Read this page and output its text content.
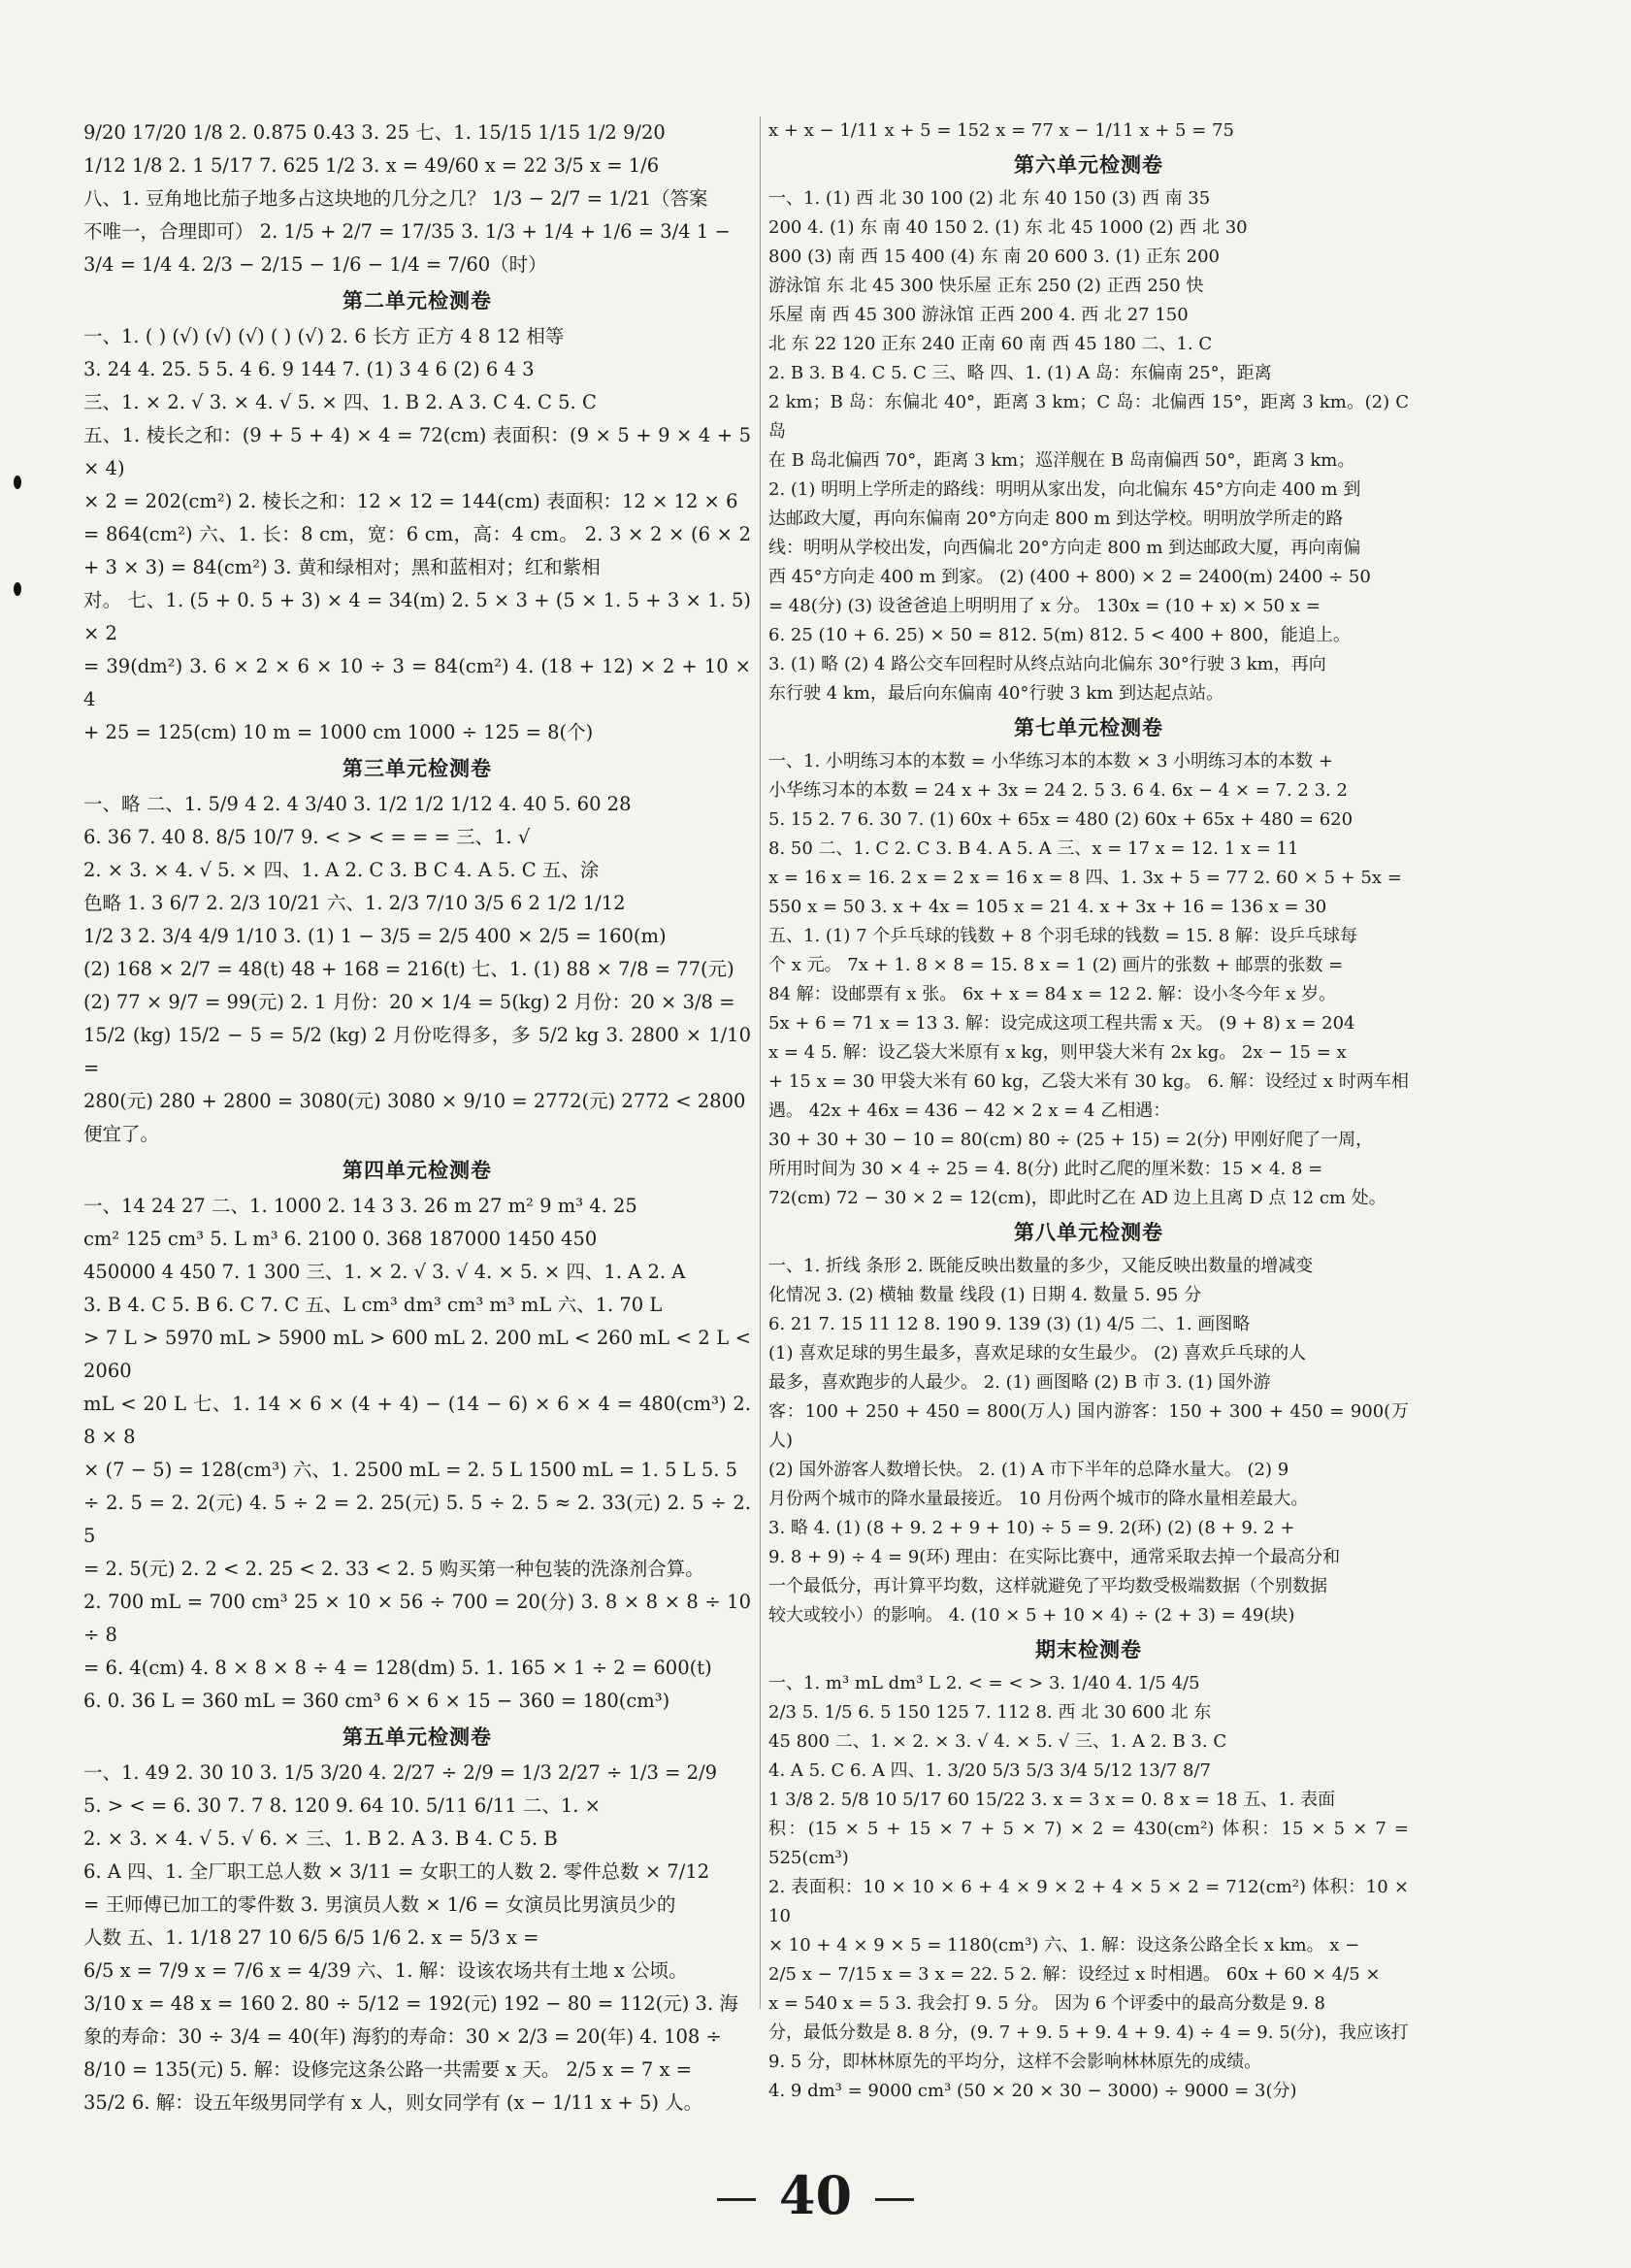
9/20 17/20 1/8 2. 0.875 0.43 3. 25 七、1. 15/15 1/15 1/2 9/20

1/12 1/8 2. 1 5/17 7. 625 1/2 3. x = 49/60 x = 22 3/5 x = 1/6

八、1. 豆角地比茄子地多占这块地的几分之几？ 1/3 − 2/7 = 1/21（答案

不唯一，合理即可） 2. 1/5 + 2/7 = 17/35 3. 1/3 + 1/4 + 1/6 = 3/4 1 −

3/4 = 1/4 4. 2/3 − 2/15 − 1/6 − 1/4 = 7/60（时）

第二单元检测卷

一、1. ( ) (√) (√) (√) ( ) (√) 2. 6 长方 正方 4 8 12 相等

3. 24 4. 25. 5 5. 4 6. 9 144 7. (1) 3 4 6 (2) 6 4 3

三、1. × 2. √ 3. × 4. √ 5. × 四、1. B 2. A 3. C 4. C 5. C

五、1. 棱长之和：(9 + 5 + 4) × 4 = 72(cm) 表面积：(9 × 5 + 9 × 4 + 5 × 4)

× 2 = 202(cm²) 2. 棱长之和：12 × 12 = 144(cm) 表面积：12 × 12 × 6

= 864(cm²) 六、1. 长：8 cm，宽：6 cm，高：4 cm。 2. 3 × 2 × (6 × 2 + 3 × 3) = 84(cm²) 3. 黄和绿相对；黑和蓝相对；红和紫相

对。 七、1. (5 + 0. 5 + 3) × 4 = 34(m) 2. 5 × 3 + (5 × 1. 5 + 3 × 1. 5) × 2

= 39(dm²) 3. 6 × 2 × 6 × 10 ÷ 3 = 84(cm²) 4. (18 + 12) × 2 + 10 × 4

+ 25 = 125(cm) 10 m = 1000 cm 1000 ÷ 125 = 8(个)

第三单元检测卷

一、略 二、1. 5/9 4 2. 4 3/40 3. 1/2 1/2 1/12 4. 40 5. 60 28

6. 36 7. 40 8. 8/5 10/7 9. < > < = = = 三、1. √

2. × 3. × 4. √ 5. × 四、1. A 2. C 3. B C 4. A 5. C 五、涂

色略 1. 3 6/7 2. 2/3 10/21 六、1. 2/3 7/10 3/5 6 2 1/2 1/12

1/2 3 2. 3/4 4/9 1/10 3. (1) 1 − 3/5 = 2/5 400 × 2/5 = 160(m)

(2) 168 × 2/7 = 48(t) 48 + 168 = 216(t) 七、1. (1) 88 × 7/8 = 77(元)

(2) 77 × 9/7 = 99(元) 2. 1 月份：20 × 1/4 = 5(kg) 2 月份：20 × 3/8 =

15/2 (kg) 15/2 − 5 = 5/2 (kg) 2 月份吃得多，多 5/2 kg 3. 2800 × 1/10 =

280(元) 280 + 2800 = 3080(元) 3080 × 9/10 = 2772(元) 2772 < 2800

便宜了。

第四单元检测卷

一、14 24 27 二、1. 1000 2. 14 3 3. 26 m 27 m² 9 m³ 4. 25

cm² 125 cm³ 5. L m³ 6. 2100 0. 368 187000 1450 450

450000 4 450 7. 1 300 三、1. × 2. √ 3. √ 4. × 5. × 四、1. A 2. A

3. B 4. C 5. B 6. C 7. C 五、L cm³ dm³ cm³ m³ mL 六、1. 70 L

> 7 L > 5970 mL > 5900 mL > 600 mL 2. 200 mL < 260 mL < 2 L < 2060

mL < 20 L 七、1. 14 × 6 × (4 + 4) − (14 − 6) × 6 × 4 = 480(cm³) 2. 8 × 8

× (7 − 5) = 128(cm³) 六、1. 2500 mL = 2. 5 L 1500 mL = 1. 5 L 5. 5

÷ 2. 5 = 2. 2(元) 4. 5 ÷ 2 = 2. 25(元) 5. 5 ÷ 2. 5 ≈ 2. 33(元) 2. 5 ÷ 2. 5

= 2. 5(元) 2. 2 < 2. 25 < 2. 33 < 2. 5 购买第一种包装的洗涤剂合算。

2. 700 mL = 700 cm³ 25 × 10 × 56 ÷ 700 = 20(分) 3. 8 × 8 × 8 ÷ 10 ÷ 8

= 6. 4(cm) 4. 8 × 8 × 8 ÷ 4 = 128(dm) 5. 1. 165 × 1 ÷ 2 = 600(t)

6. 0. 36 L = 360 mL = 360 cm³ 6 × 6 × 15 − 360 = 180(cm³)

第五单元检测卷

一、1. 49 2. 30 10 3. 1/5 3/20 4. 2/27 ÷ 2/9 = 1/3 2/27 ÷ 1/3 = 2/9

5. > < = 6. 30 7. 7 8. 120 9. 64 10. 5/11 6/11 二、1. ×

2. × 3. × 4. √ 5. √ 6. × 三、1. B 2. A 3. B 4. C 5. B

6. A 四、1. 全厂职工总人数 × 3/11 = 女职工的人数 2. 零件总数 × 7/12

= 王师傅已加工的零件数 3. 男演员人数 × 1/6 = 女演员比男演员少的

人数 五、1. 1/18 27 10 6/5 6/5 1/6 2. x = 5/3 x =

6/5 x = 7/9 x = 7/6 x = 4/39 六、1. 解：设该农场共有土地 x 公顷。

3/10 x = 48 x = 160 2. 80 ÷ 5/12 = 192(元) 192 − 80 = 112(元) 3. 海

象的寿命：30 ÷ 3/4 = 40(年) 海豹的寿命：30 × 2/3 = 20(年) 4. 108 ÷

8/10 = 135(元) 5. 解：设修完这条公路一共需要 x 天。 2/5 x = 7 x =

35/2 6. 解：设五年级男同学有 x 人，则女同学有 (x − 1/11 x + 5) 人。

x + x − 1/11 x + 5 = 152 x = 77 x − 1/11 x + 5 = 75

第六单元检测卷

一、1. (1) 西 北 30 100 (2) 北 东 40 150 (3) 西 南 35

200 4. (1) 东 南 40 150 2. (1) 东 北 45 1000 (2) 西 北 30

800 (3) 南 西 15 400 (4) 东 南 20 600 3. (1) 正东 200

游泳馆 东 北 45 300 快乐屋 正东 250 (2) 正西 250 快

乐屋 南 西 45 300 游泳馆 正西 200 4. 西 北 27 150

北 东 22 120 正东 240 正南 60 南 西 45 180 二、1. C

2. B 3. B 4. C 5. C 三、略 四、1. (1) A 岛：东偏南 25°，距离

2 km；B 岛：东偏北 40°，距离 3 km；C 岛：北偏西 15°，距离 3 km。(2) C 岛

在 B 岛北偏西 70°，距离 3 km；巡洋舰在 B 岛南偏西 50°，距离 3 km。

2. (1) 明明上学所走的路线：明明从家出发，向北偏东 45°方向走 400 m 到

达邮政大厦，再向东偏南 20°方向走 800 m 到达学校。明明放学所走的路

线：明明从学校出发，向西偏北 20°方向走 800 m 到达邮政大厦，再向南偏

西 45°方向走 400 m 到家。 (2) (400 + 800) × 2 = 2400(m) 2400 ÷ 50

= 48(分) (3) 设爸爸追上明明用了 x 分。 130x = (10 + x) × 50 x =

6. 25 (10 + 6. 25) × 50 = 812. 5(m) 812. 5 < 400 + 800，能追上。

3. (1) 略 (2) 4 路公交车回程时从终点站向北偏东 30°行驶 3 km，再向

东行驶 4 km，最后向东偏南 40°行驶 3 km 到达起点站。

第七单元检测卷

一、1. 小明练习本的本数 = 小华练习本的本数 × 3 小明练习本的本数 +

小华练习本的本数 = 24 x + 3x = 24 2. 5 3. 6 4. 6x − 4 × = 7. 2 3. 2

5. 15 2. 7 6. 30 7. (1) 60x + 65x = 480 (2) 60x + 65x + 480 = 620

8. 50 二、1. C 2. C 3. B 4. A 5. A 三、x = 17 x = 12. 1 x = 11

x = 16 x = 16. 2 x = 2 x = 16 x = 8 四、1. 3x + 5 = 77 2. 60 × 5 + 5x =

550 x = 50 3. x + 4x = 105 x = 21 4. x + 3x + 16 = 136 x = 30

五、1. (1) 7 个乒乓球的钱数 + 8 个羽毛球的钱数 = 15. 8 解：设乒乓球每

个 x 元。 7x + 1. 8 × 8 = 15. 8 x = 1 (2) 画片的张数 + 邮票的张数 =

84 解：设邮票有 x 张。 6x + x = 84 x = 12 2. 解：设小冬今年 x 岁。

5x + 6 = 71 x = 13 3. 解：设完成这项工程共需 x 天。 (9 + 8) x = 204

x = 4 5. 解：设乙袋大米原有 x kg，则甲袋大米有 2x kg。 2x − 15 = x

+ 15 x = 30 甲袋大米有 60 kg，乙袋大米有 30 kg。 6. 解：设经过 x 时两车相遇。 42x + 46x = 436 − 42 × 2 x = 4 乙相遇：

30 + 30 + 30 − 10 = 80(cm) 80 ÷ (25 + 15) = 2(分) 甲刚好爬了一周，

所用时间为 30 × 4 ÷ 25 = 4. 8(分) 此时乙爬的厘米数：15 × 4. 8 =

72(cm) 72 − 30 × 2 = 12(cm)，即此时乙在 AD 边上且离 D 点 12 cm 处。

第八单元检测卷

一、1. 折线 条形 2. 既能反映出数量的多少，又能反映出数量的增减变

化情况 3. (2) 横轴 数量 线段 (1) 日期 4. 数量 5. 95 分

6. 21 7. 15 11 12 8. 190 9. 139 (3) (1) 4/5 二、1. 画图略

(1) 喜欢足球的男生最多，喜欢足球的女生最少。 (2) 喜欢乒乓球的人

最多，喜欢跑步的人最少。 2. (1) 画图略 (2) B 市 3. (1) 国外游

客：100 + 250 + 450 = 800(万人) 国内游客：150 + 300 + 450 = 900(万人)

(2) 国外游客人数增长快。 2. (1) A 市下半年的总降水量大。 (2) 9

月份两个城市的降水量最接近。 10 月份两个城市的降水量相差最大。

3. 略 4. (1) (8 + 9. 2 + 9 + 10) ÷ 5 = 9. 2(环) (2) (8 + 9. 2 +

9. 8 + 9) ÷ 4 = 9(环) 理由：在实际比赛中，通常采取去掉一个最高分和

一个最低分，再计算平均数，这样就避免了平均数受极端数据（个别数据

较大或较小）的影响。 4. (10 × 5 + 10 × 4) ÷ (2 + 3) = 49(块)

期末检测卷

一、1. m³ mL dm³ L 2. < = < > 3. 1/40 4. 1/5 4/5

2/3 5. 1/5 6. 5 150 125 7. 112 8. 西 北 30 600 北 东

45 800 二、1. × 2. × 3. √ 4. × 5. √ 三、1. A 2. B 3. C

4. A 5. C 6. A 四、1. 3/20 5/3 5/3 3/4 5/12 13/7 8/7

1 3/8 2. 5/8 10 5/17 60 15/22 3. x = 3 x = 0. 8 x = 18 五、1. 表面

积：(15 × 5 + 15 × 7 + 5 × 7) × 2 = 430(cm²) 体积：15 × 5 × 7 = 525(cm³)

2. 表面积：10 × 10 × 6 + 4 × 9 × 2 + 4 × 5 × 2 = 712(cm²) 体积：10 × 10

× 10 + 4 × 9 × 5 = 1180(cm³) 六、1. 解：设这条公路全长 x km。 x −

2/5 x − 7/15 x = 3 x = 22. 5 2. 解：设经过 x 时相遇。 60x + 60 × 4/5 ×

x = 540 x = 5 3. 我会打 9. 5 分。 因为 6 个评委中的最高分数是 9. 8

分，最低分数是 8. 8 分，(9. 7 + 9. 5 + 9. 4 + 9. 4) ÷ 4 = 9. 5(分)，我应该打

9. 5 分，即林林原先的平均分，这样不会影响林林原先的成绩。

4. 9 dm³ = 9000 cm³ (50 × 20 × 30 − 3000) ÷ 9000 = 3(分)

40
